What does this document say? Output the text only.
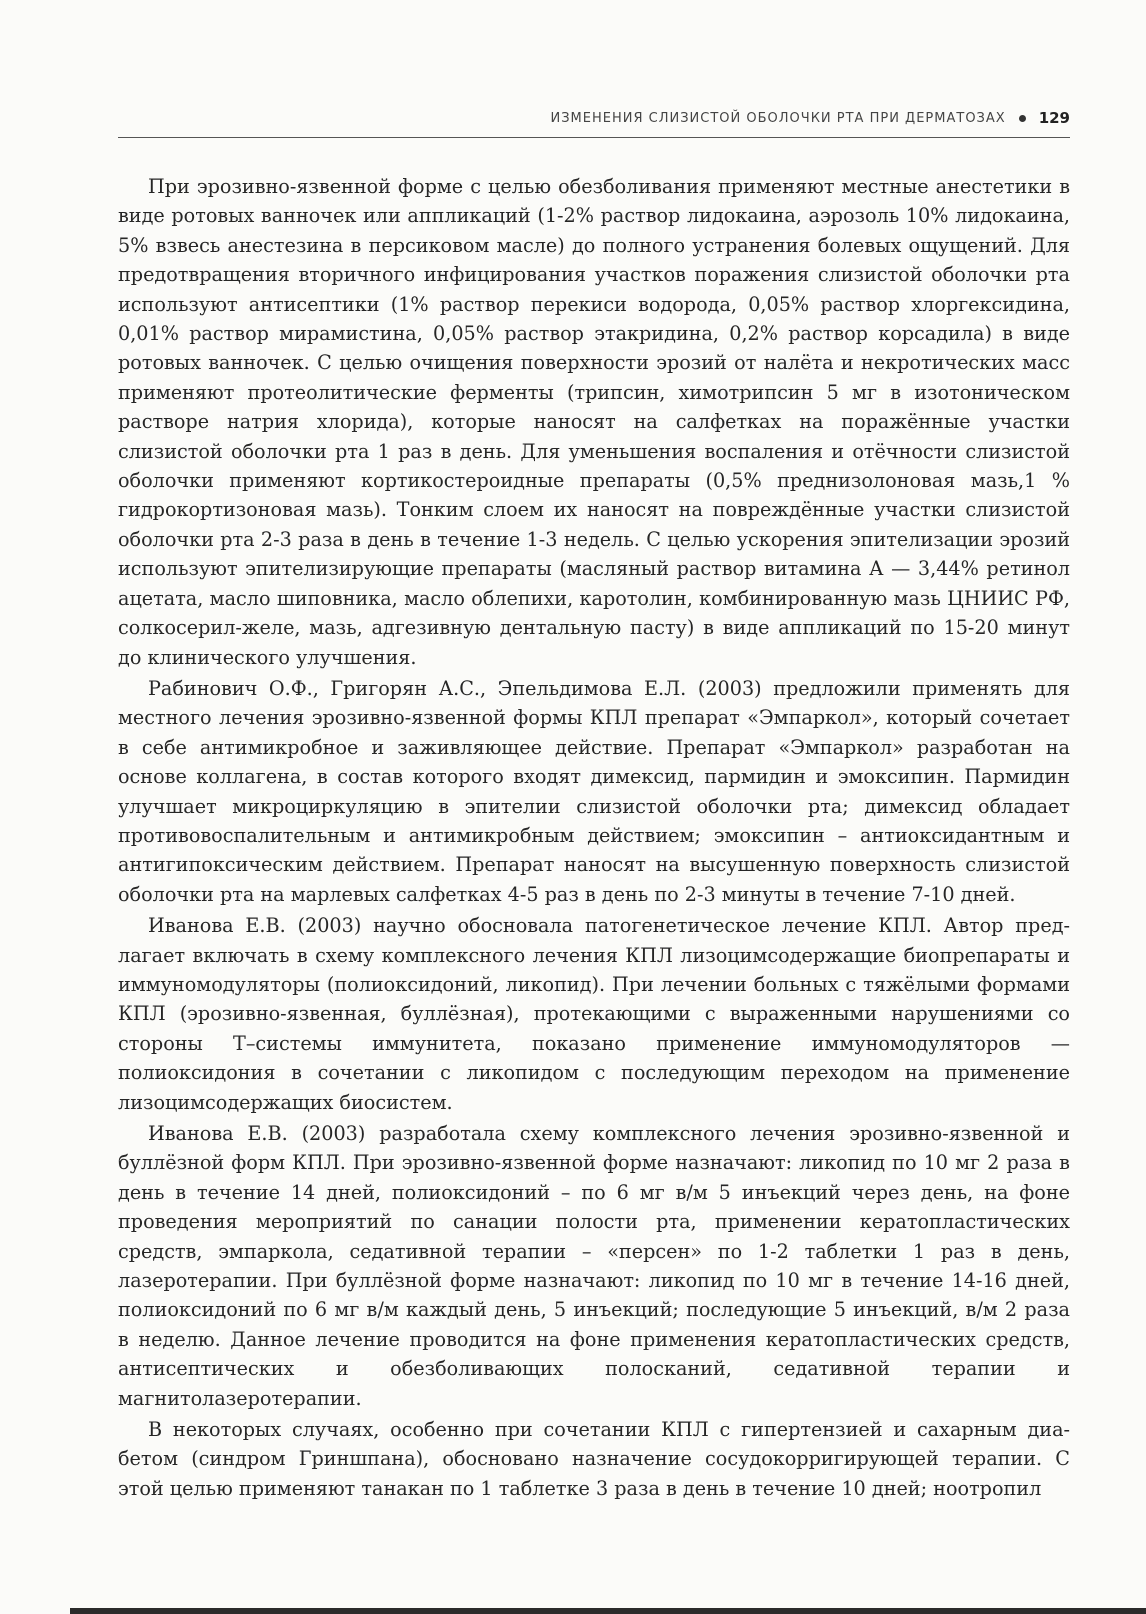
ИЗМЕНЕНИЯ СЛИЗИСТОЙ ОБОЛОЧКИ РТА ПРИ ДЕРМАТОЗАХ 129

При эрозивно-язвенной форме с целью обезболивания применяют местные анестетики в виде ротовых ванночек или аппликаций (1-2% раствор лидокаина, аэрозоль 10% лидокаина, 5% взвесь анестезина в персиковом масле) до полного устранения болевых ощущений. Для предотвращения вторичного инфицирования участков поражения слизистой оболочки рта используют антисептики (1% раствор перекиси водорода, 0,05% раствор хлоргексидина, 0,01% раствор мирамистина, 0,05% раствор этакридина, 0,2% раствор корсадила) в виде ротовых ванночек. С целью очищения поверхности эрозий от налёта и некротических масс применяют протеолитические ферменты (трипсин, химотрипсин 5 мг в изотоническом растворе натрия хлорида), которые наносят на салфетках на поражённые участки слизистой оболочки рта 1 раз в день. Для уменьшения воспаления и отёчности слизистой оболочки применяют кортикостероидные препараты (0,5% преднизолоновая мазь,1 % гидрокортизоновая мазь). Тонким слоем их наносят на повреждённые участки слизистой оболочки рта 2-3 раза в день в течение 1-3 недель. С целью ускорения эпителизации эрозий используют эпителизирующие препараты (масляный раствор витамина А — 3,44% ретинол ацетата, масло шиповника, масло облепихи, каротолин, комбинированную мазь ЦНИИС РФ, солкосерил-желе, мазь, адгезивную дентальную пасту) в виде аппликаций по 15-20 минут до клинического улучшения.

Рабинович О.Ф., Григорян А.С., Эпельдимова Е.Л. (2003) предложили применять для местного лечения эрозивно-язвенной формы КПЛ препарат «Эмпаркол», который сочетает в себе антимикробное и заживляющее действие. Препарат «Эмпаркол» разработан на основе коллагена, в состав которого входят димексид, пармидин и эмоксипин. Пармидин улучшает микроциркуляцию в эпителии слизистой оболочки рта; димексид обладает противовоспалительным и антимикробным действием; эмоксипин – антиоксидантным и антигипоксическим действием. Препарат наносят на высушенную поверхность слизистой оболочки рта на марлевых салфетках 4-5 раз в день по 2-3 минуты в течение 7-10 дней.

Иванова Е.В. (2003) научно обосновала патогенетическое лечение КПЛ. Автор предлагает включать в схему комплексного лечения КПЛ лизоцимсодержащие биопрепараты и иммуномодуляторы (полиоксидоний, ликопид). При лечении больных с тяжёлыми формами КПЛ (эрозивно-язвенная, буллёзная), протекающими с выраженными нарушениями со стороны Т–системы иммунитета, показано применение иммуномодуляторов — полиоксидония в сочетании с ликопидом с последующим переходом на применение лизоцимсодержащих биосистем.

Иванова Е.В. (2003) разработала схему комплексного лечения эрозивно-язвенной и буллёзной форм КПЛ. При эрозивно-язвенной форме назначают: ликопид по 10 мг 2 раза в день в течение 14 дней, полиоксидоний – по 6 мг в/м 5 инъекций через день, на фоне проведения мероприятий по санации полости рта, применении кератопластических средств, эмпаркола, седативной терапии – «персен» по 1-2 таблетки 1 раз в день, лазеротерапии. При буллёзной форме назначают: ликопид по 10 мг в течение 14-16 дней, полиоксидоний по 6 мг в/м каждый день, 5 инъекций; последующие 5 инъекций, в/м 2 раза в неделю. Данное лечение проводится на фоне применения кератопластических средств, антисептических и обезболивающих полосканий, седативной терапии и магнитолазеротерапии.

В некоторых случаях, особенно при сочетании КПЛ с гипертензией и сахарным диабетом (синдром Гриншпана), обосновано назначение сосудокорригирующей терапии. С этой целью применяют танакан по 1 таблетке 3 раза в день в течение 10 дней; ноотропил
